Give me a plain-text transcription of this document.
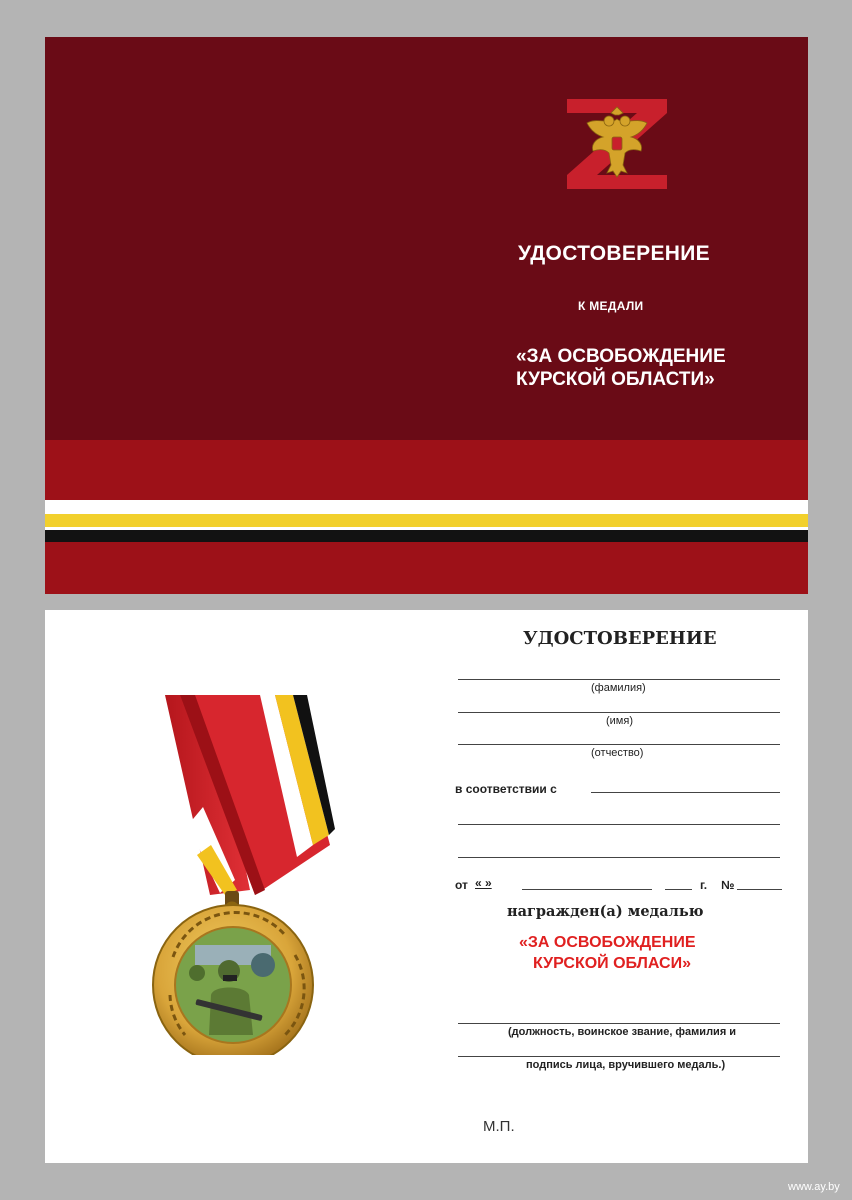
УДОСТОВЕРЕНИЕ
К МЕДАЛИ
«ЗА ОСВОБОЖДЕНИЕ
КУРСКОЙ ОБЛАСТИ»
УДОСТОВЕРЕНИЕ
(фамилия)
(имя)
(отчество)
в соответствии с
от « »	г. №
награжден(а) медалью
«ЗА ОСВОБОЖДЕНИЕ
КУРСКОЙ ОБЛАСИ»
(должность, воинское звание, фамилия и
подпись лица, вручившего медаль.)
М.П.
www.ay.by
